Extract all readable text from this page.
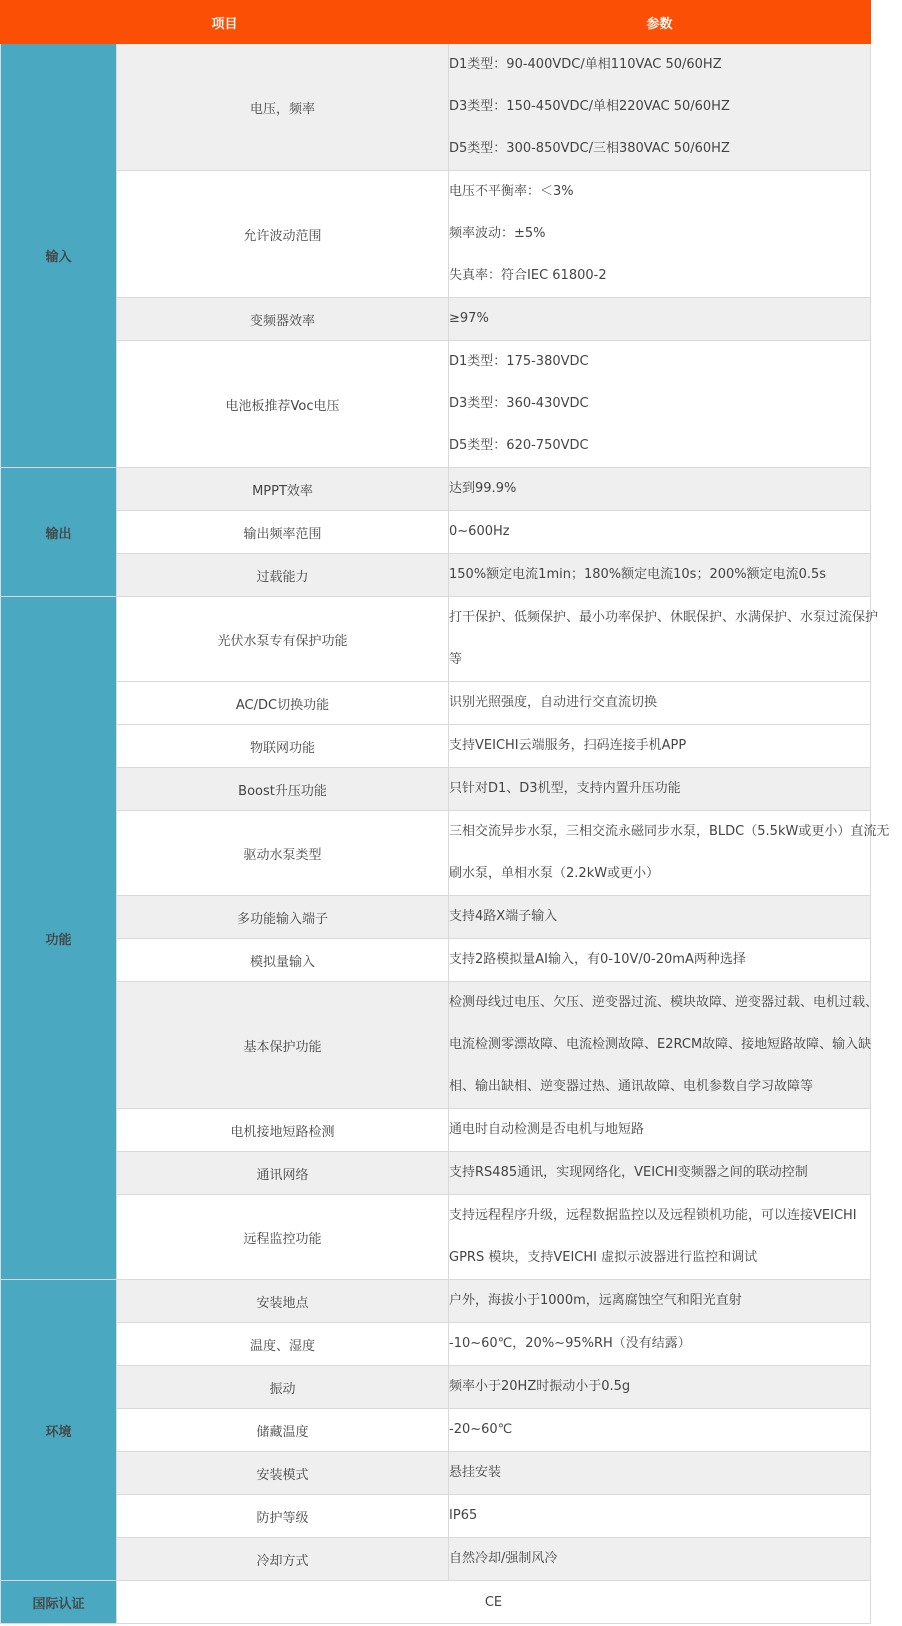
项目		参数
输入	电压，频率	D1类型：90-400VDC/单相110VAC 50/60HZ
D3类型：150-450VDC/单相220VAC 50/60HZ
D5类型：300-850VDC/三相380VAC 50/60HZ

	允许波动范围	电压不平衡率：＜3%
频率波动：±5%
失真率：符合IEC 61800-2

	变频器效率	≥97%

	电池板推荐Voc电压	D1类型：175-380VDC
D3类型：360-430VDC
D5类型：620-750VDC

输出	MPPT效率	达到99.9%

	输出频率范围	0~600Hz

	过载能力	150%额定电流1min；180%额定电流10s；200%额定电流0.5s

功能	光伏水泵专有保护功能	打干保护、低频保护、最小功率保护、休眠保护、水满保护、水泵过流保护
等

	AC/DC切换功能	识别光照强度，自动进行交直流切换

	物联网功能	支持VEICHI云端服务，扫码连接手机APP

	Boost升压功能	只针对D1、D3机型，支持内置升压功能

	驱动水泵类型	三相交流异步水泵，三相交流永磁同步水泵，BLDC（5.5kW或更小）直流无
刷水泵，单相水泵（2.2kW或更小）

	多功能输入端子	支持4路X端子输入

	模拟量输入	支持2路模拟量AI输入，有0-10V/0-20mA两种选择

	基本保护功能	检测母线过电压、欠压、逆变器过流、模块故障、逆变器过载、电机过载、
电流检测零漂故障、电流检测故障、E2RCM故障、接地短路故障、输入缺
相、输出缺相、逆变器过热、通讯故障、电机参数自学习故障等

	电机接地短路检测	通电时自动检测是否电机与地短路

	通讯网络	支持RS485通讯，实现网络化，VEICHI变频器之间的联动控制

	远程监控功能	支持远程程序升级，远程数据监控以及远程锁机功能，可以连接VEICHI
GPRS 模块，支持VEICHI 虚拟示波器进行监控和调试

环境	安装地点	户外，海拔小于1000m，远离腐蚀空气和阳光直射

	温度、湿度	-10~60℃，20%~95%RH（没有结露）

	振动	频率小于20HZ时振动小于0.5g

	储藏温度	-20~60℃

	安装模式	悬挂安装

	防护等级	IP65

	冷却方式	自然冷却/强制风冷

国际认证	CE	
